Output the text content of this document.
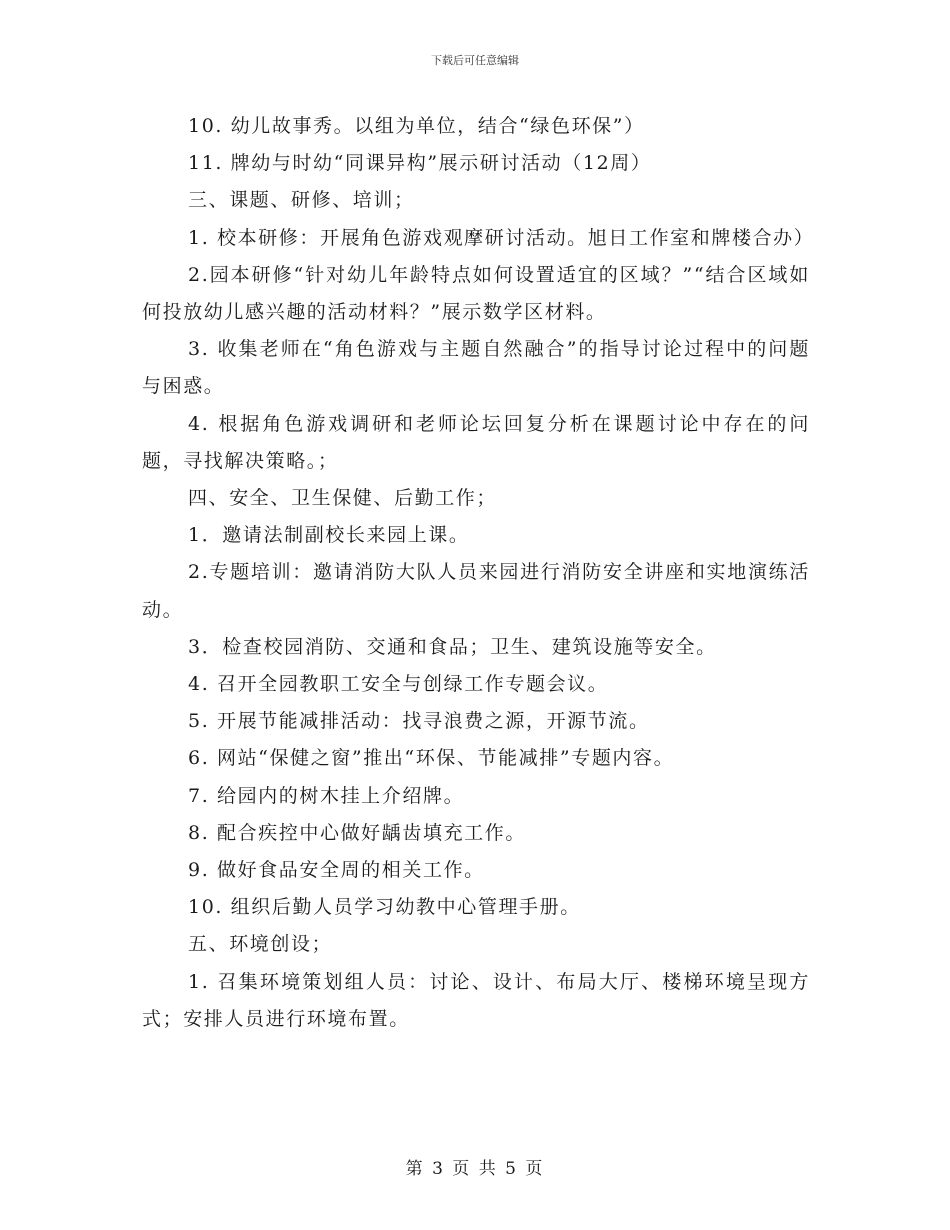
下载后可任意编辑

10. 幼儿故事秀。以组为单位，结合“绿色环保”）

11. 牌幼与时幼“同课异构”展示研讨活动（12周）

三、课题、研修、培训；

1. 校本研修：开展角色游戏观摩研讨活动。旭日工作室和牌楼合办）

2.园本研修“针对幼儿年龄特点如何设置适宜的区域？”“结合区域如何投放幼儿感兴趣的活动材料？”展示数学区材料。

3. 收集老师在“角色游戏与主题自然融合”的指导讨论过程中的问题与困惑。

4. 根据角色游戏调研和老师论坛回复分析在课题讨论中存在的问题，寻找解决策略。；

四、安全、卫生保健、后勤工作；

1．邀请法制副校长来园上课。

2.专题培训：邀请消防大队人员来园进行消防安全讲座和实地演练活动。

3．检查校园消防、交通和食品；卫生、建筑设施等安全。

4. 召开全园教职工安全与创绿工作专题会议。

5. 开展节能减排活动：找寻浪费之源，开源节流。

6. 网站“保健之窗”推出“环保、节能减排”专题内容。

7. 给园内的树木挂上介绍牌。

8. 配合疾控中心做好龋齿填充工作。

9. 做好食品安全周的相关工作。

10. 组织后勤人员学习幼教中心管理手册。

五、环境创设；

1. 召集环境策划组人员：讨论、设计、布局大厅、楼梯环境呈现方式；安排人员进行环境布置。

第 3 页 共 5 页
